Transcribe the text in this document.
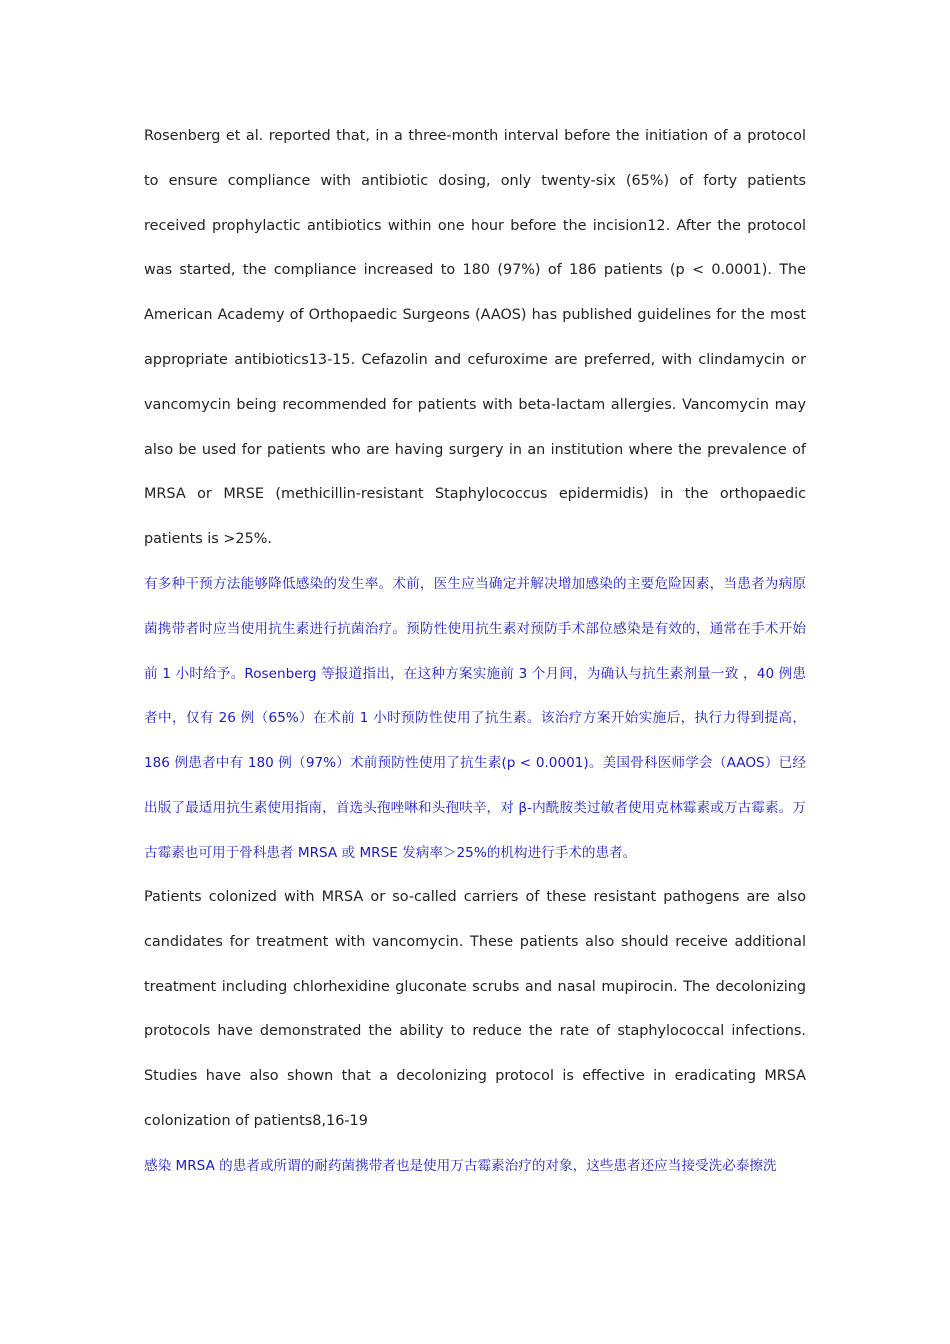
Rosenberg et al. reported that, in a three-month interval before the initiation of a protocol to ensure compliance with antibiotic dosing, only twenty-six (65%) of forty patients received prophylactic antibiotics within one hour before the incision12. After the protocol was started, the compliance increased to 180 (97%) of 186 patients (p < 0.0001). The American Academy of Orthopaedic Surgeons (AAOS) has published guidelines for the most appropriate antibiotics13-15. Cefazolin and cefuroxime are preferred, with clindamycin or vancomycin being recommended for patients with beta-lactam allergies. Vancomycin may also be used for patients who are having surgery in an institution where the prevalence of MRSA or MRSE (methicillin-resistant Staphylococcus epidermidis) in the orthopaedic patients is >25%.

有多种干预方法能够降低感染的发生率。术前，医生应当确定并解决增加感染的主要危险因素，当患者为病原菌携带者时应当使用抗生素进行抗菌治疗。预防性使用抗生素对预防手术部位感染是有效的，通常在手术开始前 1 小时给予。Rosenberg 等报道指出，在这种方案实施前 3 个月间，为确认与抗生素剂量一致 ，40 例患者中，仅有 26 例（65%）在术前 1 小时预防性使用了抗生素。该治疗方案开始实施后，执行力得到提高，186 例患者中有 180 例（97%）术前预防性使用了抗生素(p < 0.0001)。美国骨科医师学会（AAOS）已经出版了最适用抗生素使用指南，首选头孢唑啉和头孢呋辛，对 β-内酰胺类过敏者使用克林霉素或万古霉素。万古霉素也可用于骨科患者 MRSA 或 MRSE 发病率＞25%的机构进行手术的患者。

Patients colonized with MRSA or so-called carriers of these resistant pathogens are also candidates for treatment with vancomycin. These patients also should receive additional treatment including chlorhexidine gluconate scrubs and nasal mupirocin. The decolonizing protocols have demonstrated the ability to reduce the rate of staphylococcal infections. Studies have also shown that a decolonizing protocol is effective in eradicating MRSA colonization of patients8,16-19

感染 MRSA 的患者或所谓的耐药菌携带者也是使用万古霉素治疗的对象，这些患者还应当接受洗必泰擦洗
